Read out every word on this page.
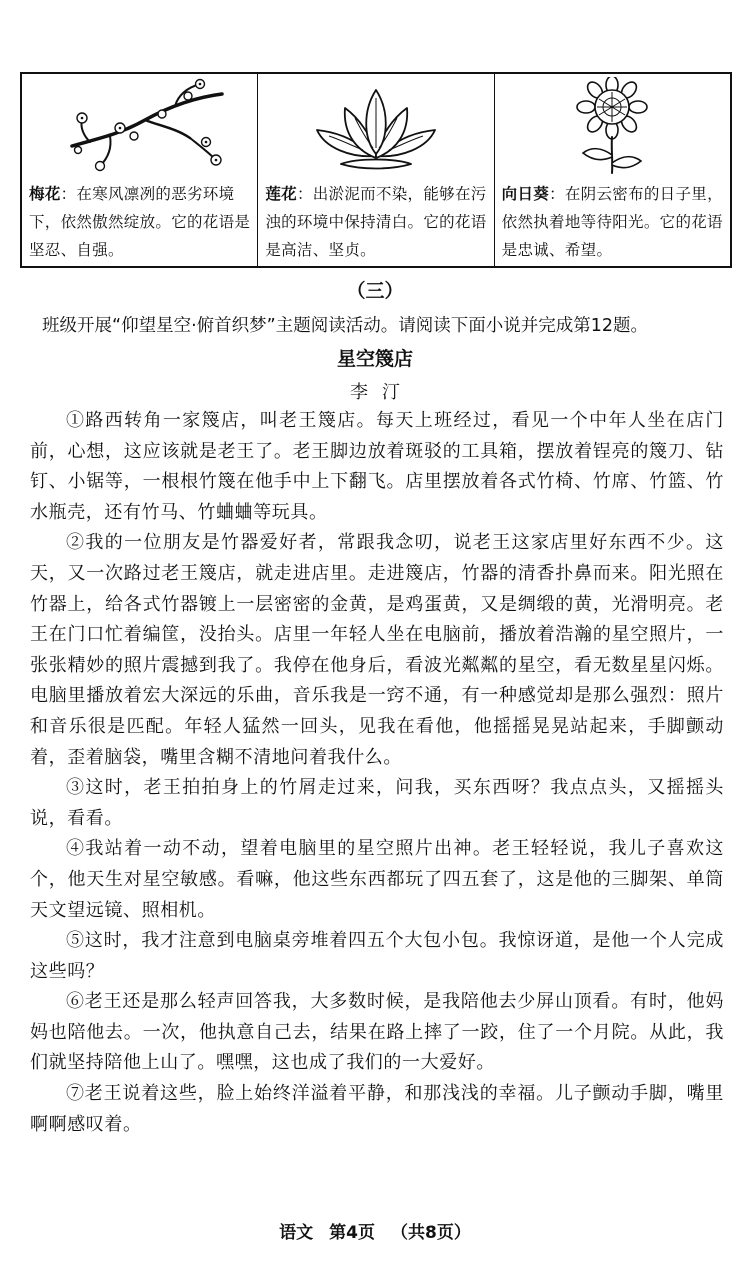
梅花：在寒风凛冽的恶劣环境下，依然傲然绽放。它的花语是坚忍、自强。
莲花：出淤泥而不染，能够在污浊的环境中保持清白。它的花语是高洁、坚贞。
向日葵：在阴云密布的日子里，依然执着地等待阳光。它的花语是忠诚、希望。
（三）
班级开展“仰望星空·俯首织梦”主题阅读活动。请阅读下面小说并完成第12题。
星空篾店
李汀

①路西转角一家篾店，叫老王篾店。每天上班经过，看见一个中年人坐在店门前，心想，这应该就是老王了。老王脚边放着斑驳的工具箱，摆放着锃亮的篾刀、钻钉、小锯等，一根根竹篾在他手中上下翻飞。店里摆放着各式竹椅、竹席、竹篮、竹水瓶壳，还有竹马、竹蛐蛐等玩具。

②我的一位朋友是竹器爱好者，常跟我念叨，说老王这家店里好东西不少。这天，又一次路过老王篾店，就走进店里。走进篾店，竹器的清香扑鼻而来。阳光照在竹器上，给各式竹器镀上一层密密的金黄，是鸡蛋黄，又是绸缎的黄，光滑明亮。老王在门口忙着编筐，没抬头。店里一年轻人坐在电脑前，播放着浩瀚的星空照片，一张张精妙的照片震撼到我了。我停在他身后，看波光粼粼的星空，看无数星星闪烁。电脑里播放着宏大深远的乐曲，音乐我是一窍不通，有一种感觉却是那么强烈：照片和音乐很是匹配。年轻人猛然一回头，见我在看他，他摇摇晃晃站起来，手脚颤动着，歪着脑袋，嘴里含糊不清地问着我什么。

③这时，老王拍拍身上的竹屑走过来，问我，买东西呀？我点点头，又摇摇头说，看看。

④我站着一动不动，望着电脑里的星空照片出神。老王轻轻说，我儿子喜欢这个，他天生对星空敏感。看嘛，他这些东西都玩了四五套了，这是他的三脚架、单筒天文望远镜、照相机。

⑤这时，我才注意到电脑桌旁堆着四五个大包小包。我惊讶道，是他一个人完成这些吗？

⑥老王还是那么轻声回答我，大多数时候，是我陪他去少屏山顶看。有时，他妈妈也陪他去。一次，他执意自己去，结果在路上摔了一跤，住了一个月院。从此，我们就坚持陪他上山了。嘿嘿，这也成了我们的一大爱好。

⑦老王说着这些，脸上始终洋溢着平静，和那浅浅的幸福。儿子颤动手脚，嘴里啊啊感叹着。

语文 第4页 （共8页）
